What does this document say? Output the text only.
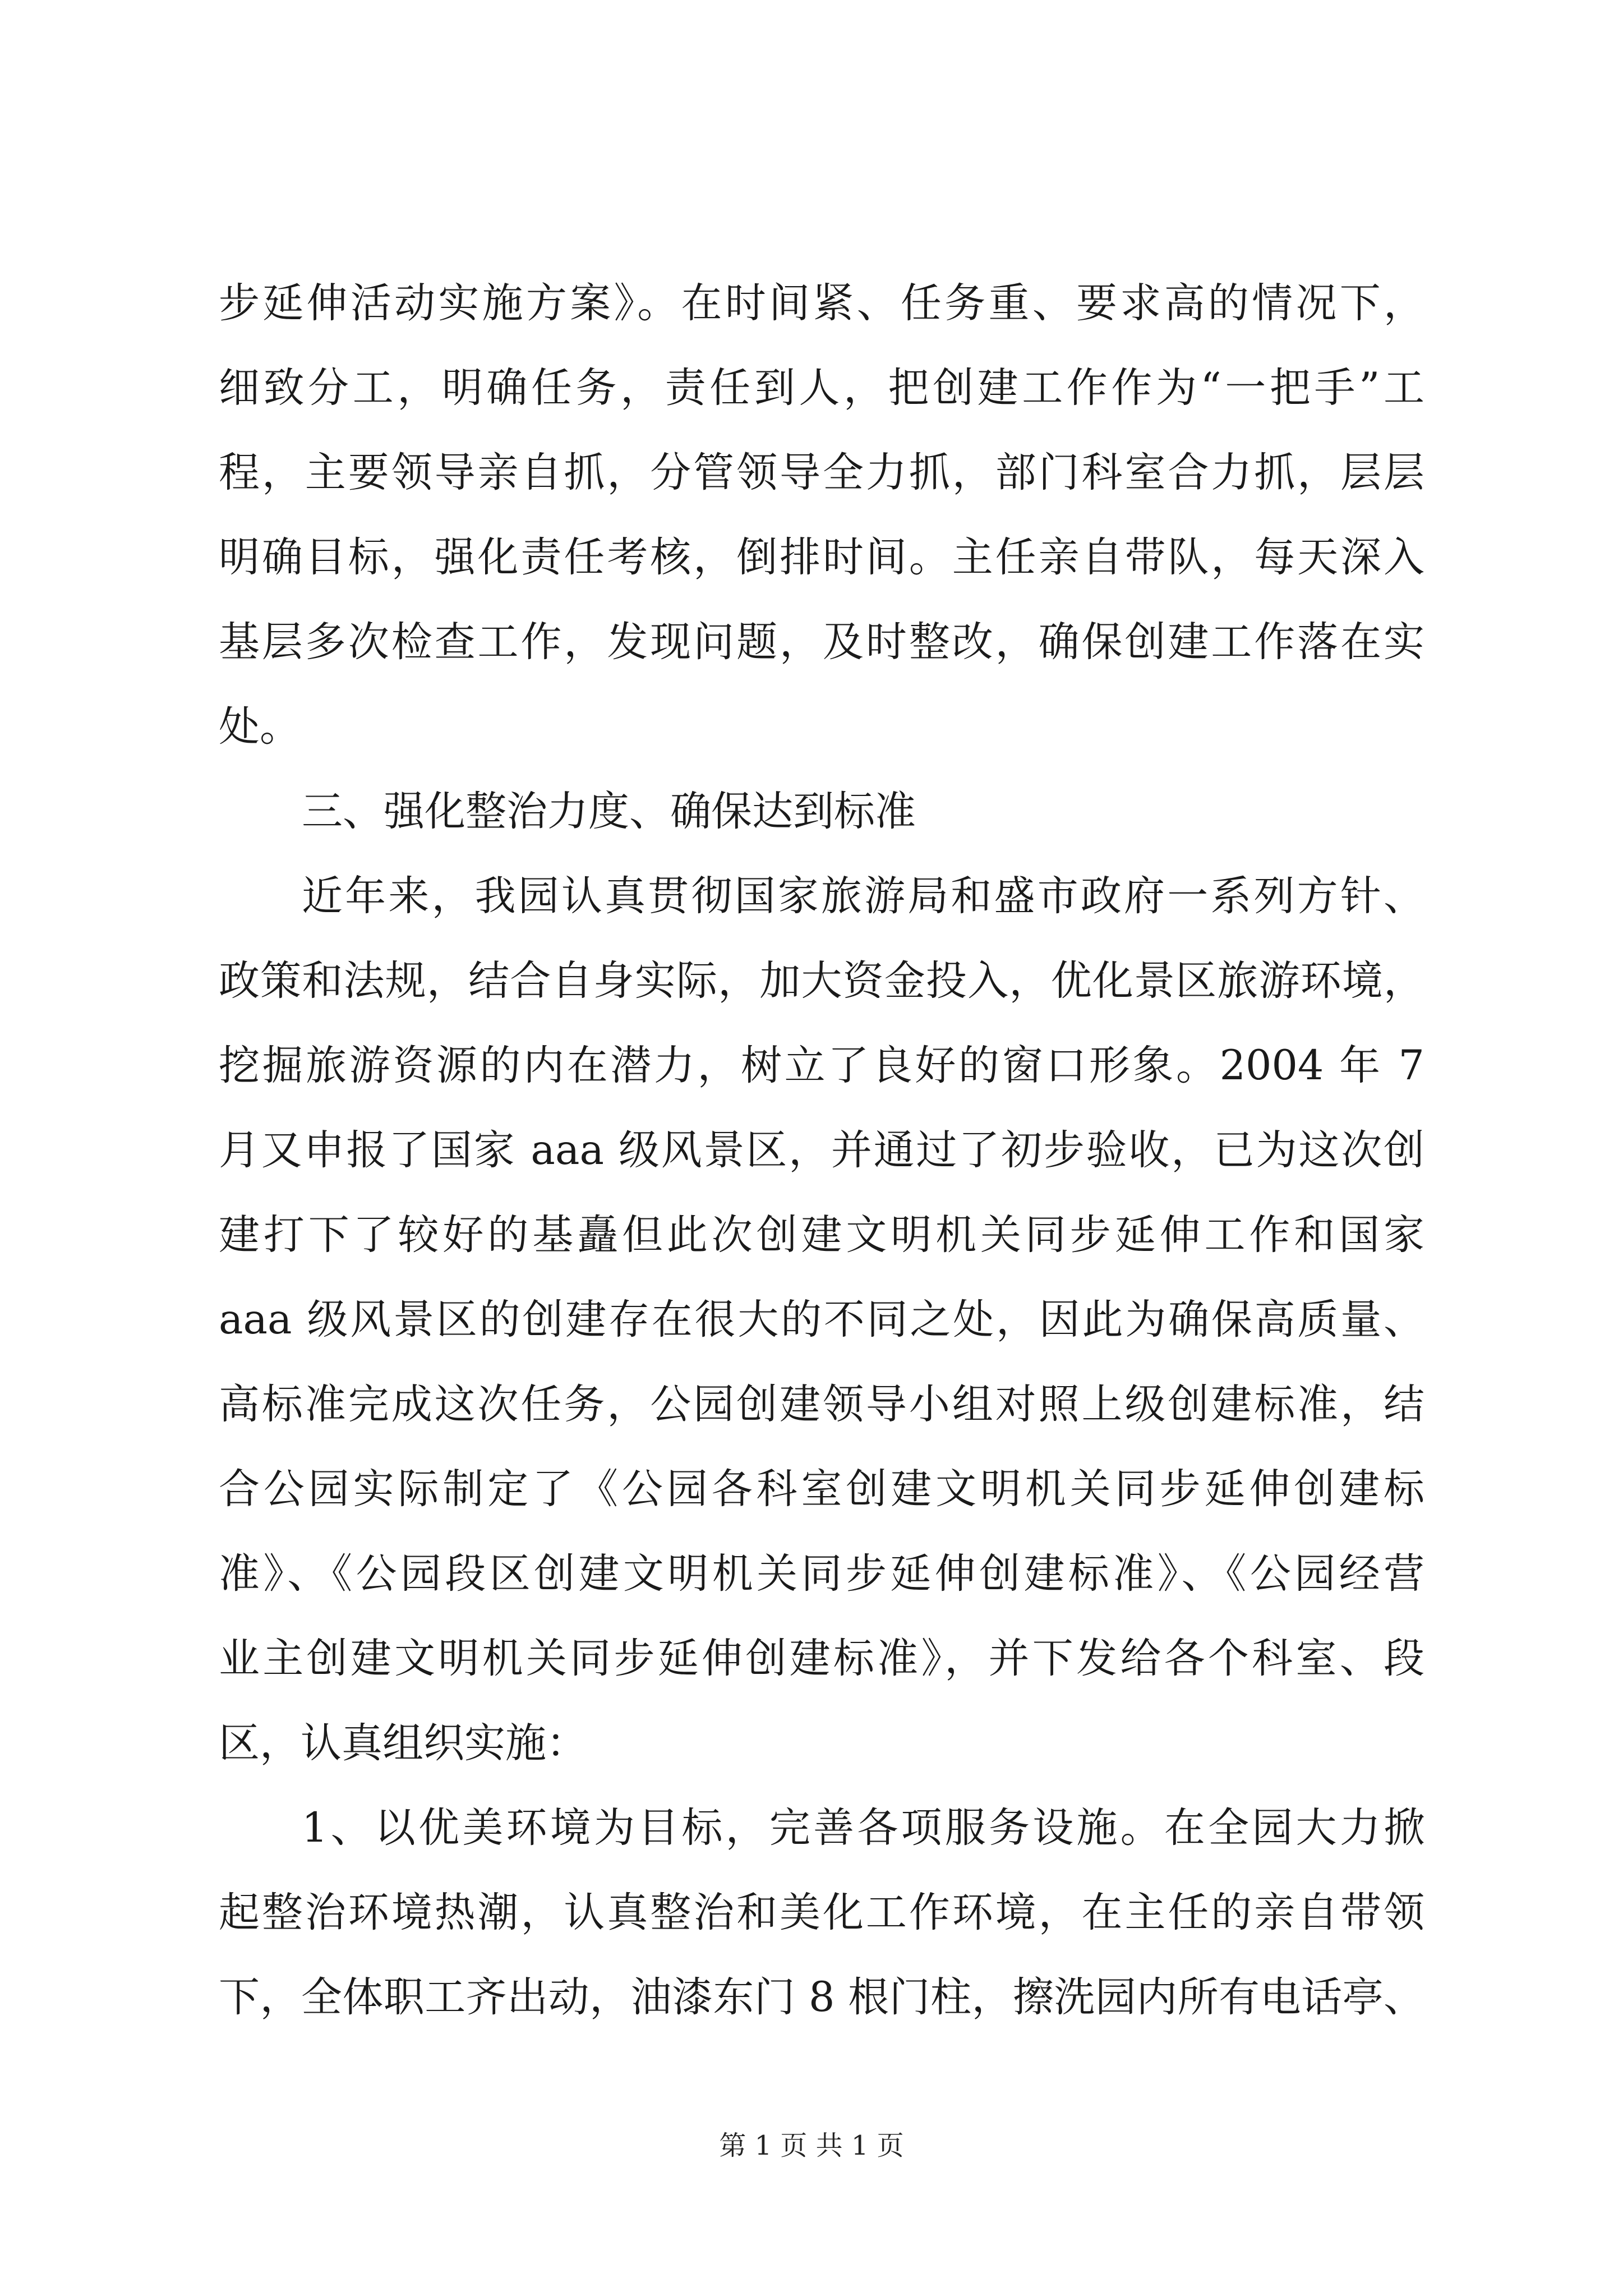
步延伸活动实施方案》。在时间紧、任务重、要求高的情况下，
细致分工，明确任务，责任到人，把创建工作作为“一把手”工
程，主要领导亲自抓，分管领导全力抓，部门科室合力抓，层层
明确目标，强化责任考核，倒排时间。主任亲自带队，每天深入
基层多次检查工作，发现问题，及时整改，确保创建工作落在实
处。
三、强化整治力度、确保达到标准
近年来，我园认真贯彻国家旅游局和盛市政府一系列方针、
政策和法规，结合自身实际，加大资金投入，优化景区旅游环境，
挖掘旅游资源的内在潜力，树立了良好的窗口形象。2004 年 7
月又申报了国家 aaa 级风景区，并通过了初步验收，已为这次创
建打下了较好的基矗但此次创建文明机关同步延伸工作和国家
aaa 级风景区的创建存在很大的不同之处，因此为确保高质量、
高标准完成这次任务，公园创建领导小组对照上级创建标准，结
合公园实际制定了《公园各科室创建文明机关同步延伸创建标
准》、《公园段区创建文明机关同步延伸创建标准》、《公园经营
业主创建文明机关同步延伸创建标准》，并下发给各个科室、段
区，认真组织实施：
1、以优美环境为目标，完善各项服务设施。在全园大力掀
起整治环境热潮，认真整治和美化工作环境，在主任的亲自带领
下，全体职工齐出动，油漆东门 8 根门柱，擦洗园内所有电话亭、
第 1 页 共 1 页
